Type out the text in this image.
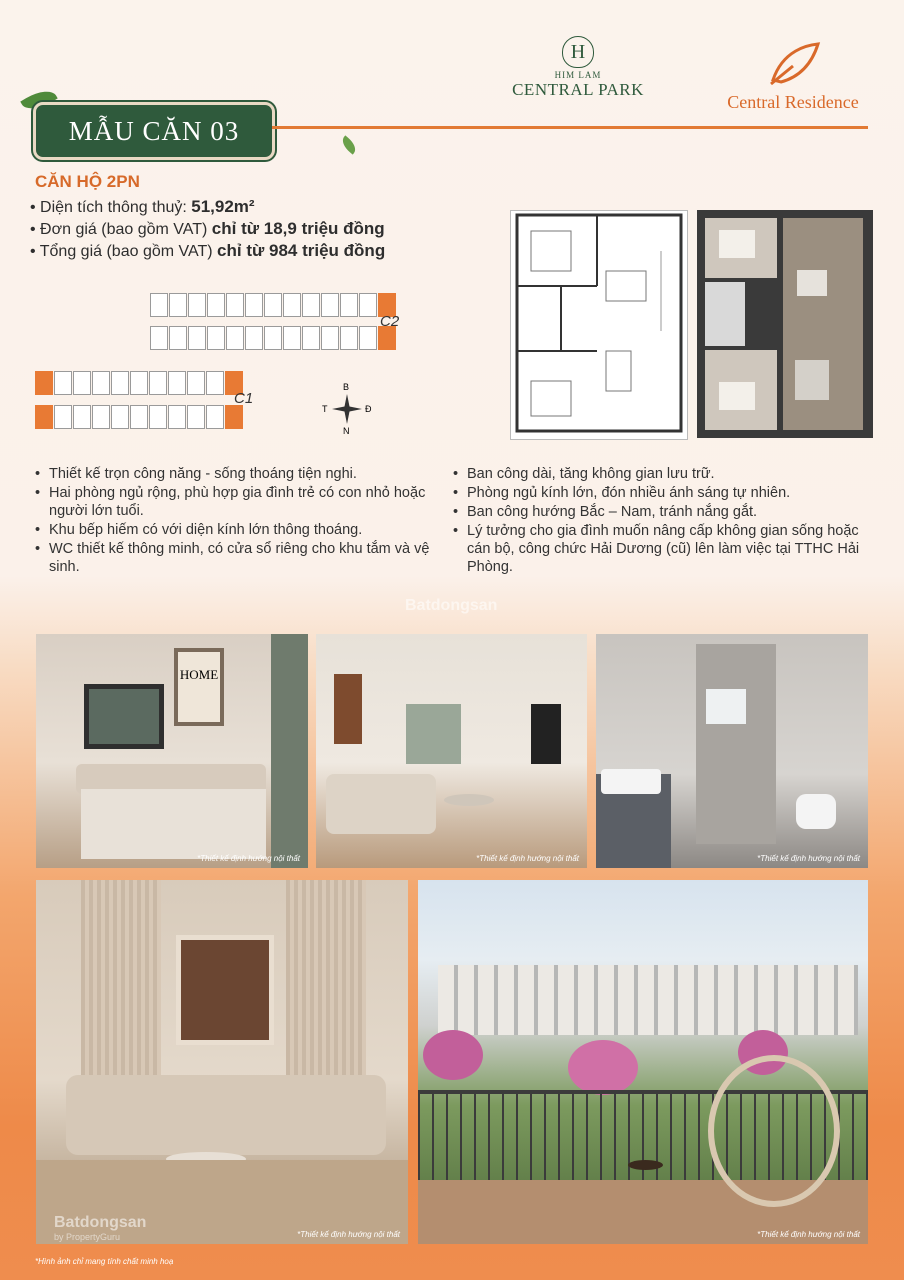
MẪU CĂN 03
H
HIM LAM
CENTRAL PARK
Central Residence
CĂN HỘ 2PN
• Diện tích thông thuỷ: 51,92m²
• Đơn giá (bao gồm VAT) chỉ từ 18,9 triệu đồng
• Tổng giá (bao gồm VAT) chỉ từ 984 triệu đồng
C2
C1
B
N
T	Đ
• Thiết kế trọn công năng - sống thoáng tiện nghi.
• Hai phòng ngủ rộng, phù hợp gia đình trẻ có con nhỏ hoặc người lớn tuổi.
• Khu bếp hiếm có với diện kính lớn thông thoáng.
• WC thiết kế thông minh, có cửa sổ riêng cho khu tắm và vệ sinh.
• Ban công dài, tăng không gian lưu trữ.
• Phòng ngủ kính lớn, đón nhiều ánh sáng tự nhiên.
• Ban công hướng Bắc – Nam, tránh nắng gắt.
• Lý tưởng cho gia đình muốn nâng cấp không gian sống hoặc cán bộ, công chức Hải Dương (cũ) lên làm việc tại TTHC Hải Phòng.
Batdongsan
HOME
*Thiết kế định hướng nội thất	*Thiết kế định hướng nội thất	*Thiết kế định hướng nội thất
*Thiết kế định hướng nội thất	*Thiết kế định hướng nội thất
Batdongsan
by PropertyGuru
*Hình ảnh chỉ mang tính chất minh hoạ
